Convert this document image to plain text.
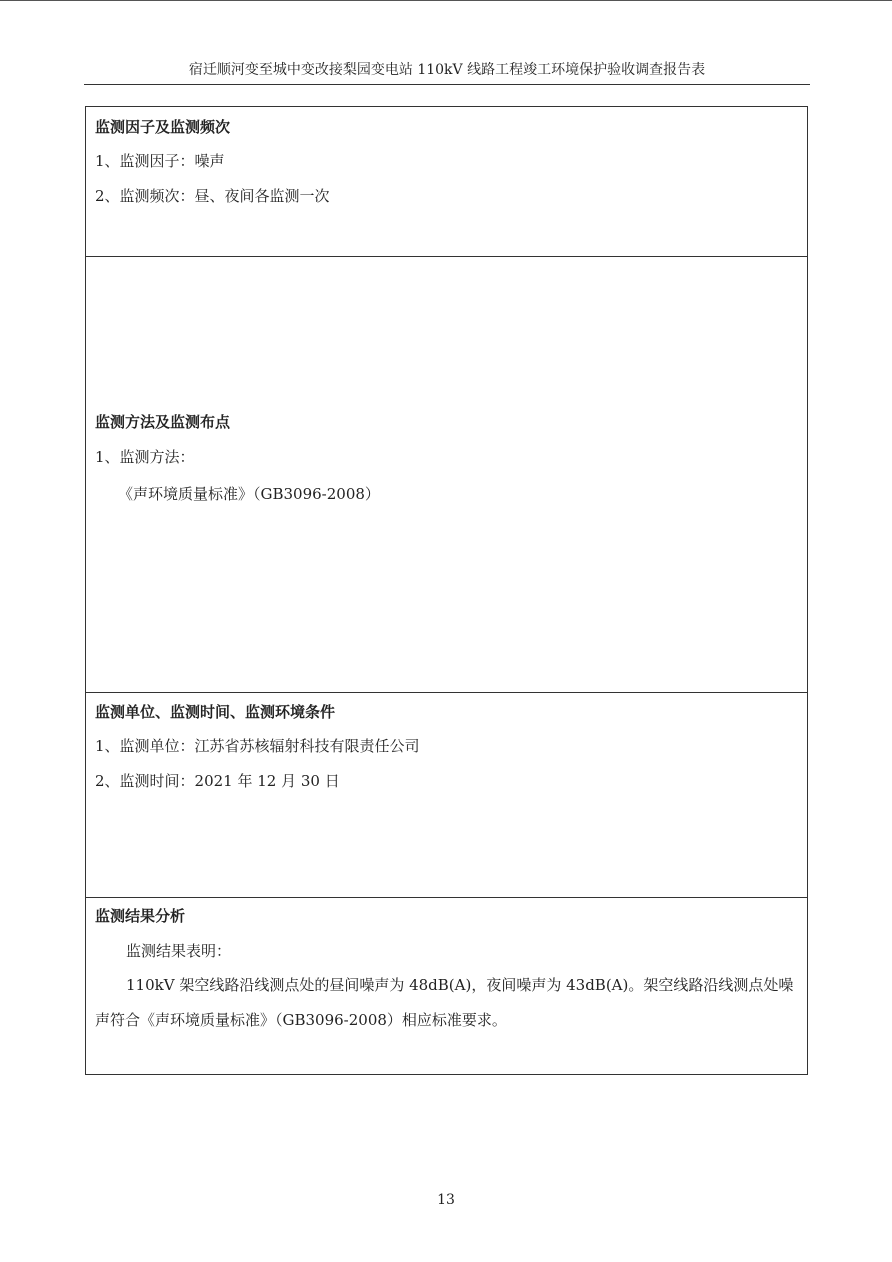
宿迁顺河变至城中变改接梨园变电站 110kV 线路工程竣工环境保护验收调查报告表
监测因子及监测频次
1、监测因子：噪声
2、监测频次：昼、夜间各监测一次
监测方法及监测布点
1、监测方法：
《声环境质量标准》（GB3096-2008）
监测单位、监测时间、监测环境条件
1、监测单位：江苏省苏核辐射科技有限责任公司
2、监测时间：2021 年 12 月 30 日
监测结果分析
监测结果表明：
110kV 架空线路沿线测点处的昼间噪声为 48dB(A)，夜间噪声为 43dB(A)。架空线路沿线测点处噪声符合《声环境质量标准》（GB3096-2008）相应标准要求。
13
